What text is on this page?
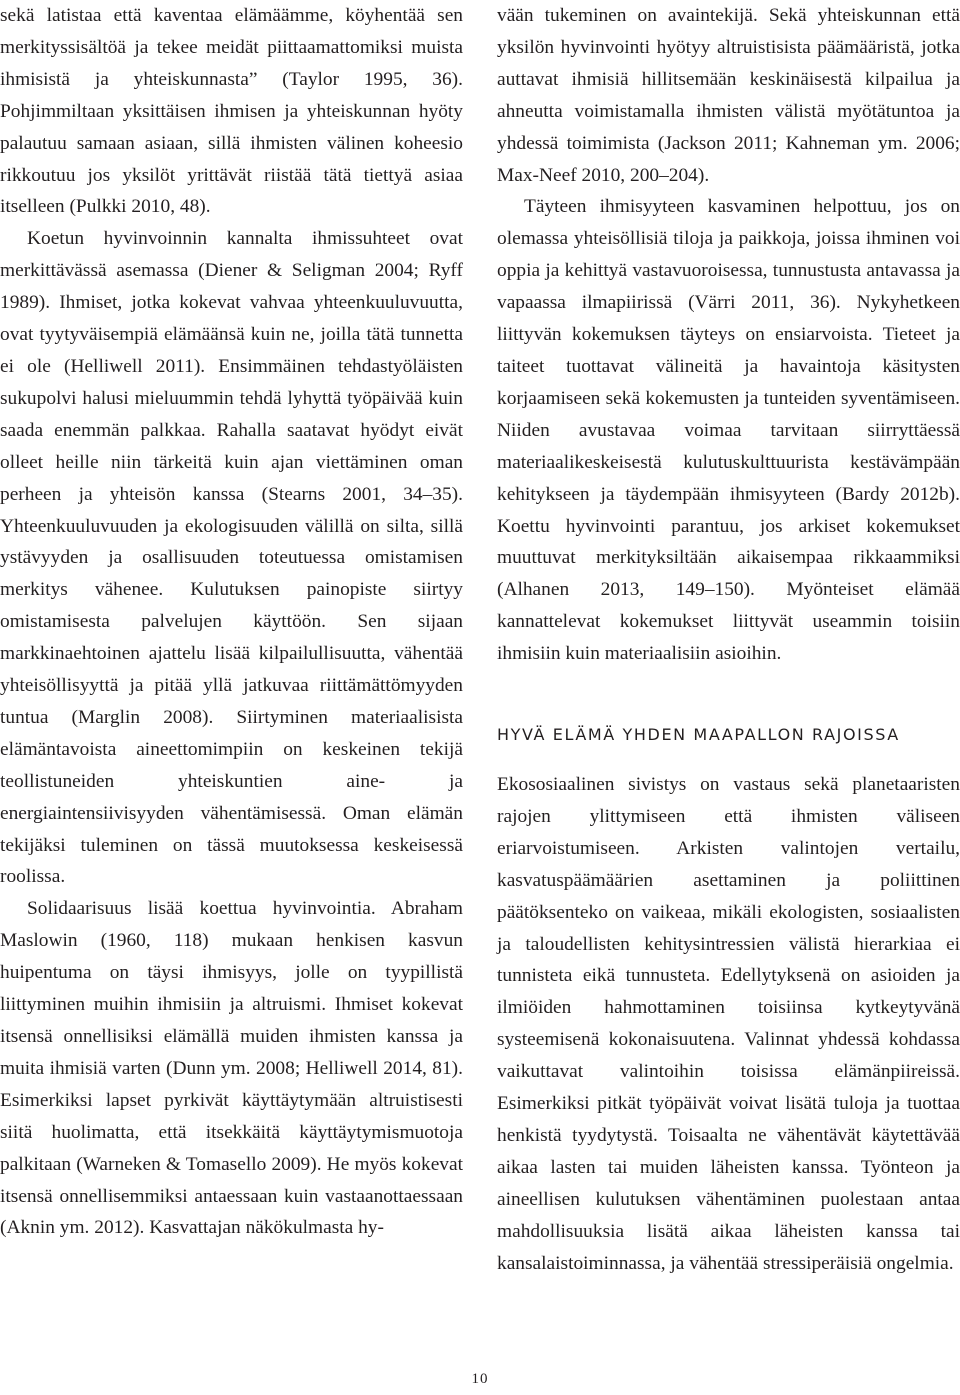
sekä latistaa että kaventaa elämäämme, köyhentää sen merkityssisältöä ja tekee meidät piittaamattomiksi muista ihmisistä ja yhteiskunnasta” (Taylor 1995, 36). Pohjimmiltaan yksittäisen ihmisen ja yhteiskunnan hyöty palautuu samaan asiaan, sillä ihmisten välinen koheesio rikkoutuu jos yksilöt yrittävät riistää tätä tiettyä asiaa itselleen (Pulkki 2010, 48).

Koetun hyvinvoinnin kannalta ihmissuhteet ovat merkittävässä asemassa (Diener & Seligman 2004; Ryff 1989). Ihmiset, jotka kokevat vahvaa yhteenkuuluvuutta, ovat tyytyväisempiä elämäänsä kuin ne, joilla tätä tunnetta ei ole (Helliwell 2011). Ensimmäinen tehdastyöläisten sukupolvi halusi mieluummin tehdä lyhyttä työpäivää kuin saada enemmän palkkaa. Rahalla saatavat hyödyt eivät olleet heille niin tärkeitä kuin ajan viettäminen oman perheen ja yhteisön kanssa (Stearns 2001, 34–35). Yhteenkuuluvuuden ja ekologisuuden välillä on silta, sillä ystävyyden ja osallisuuden toteutuessa omistamisen merkitys vähenee. Kulutuksen painopiste siirtyy omistamisesta palvelujen käyttöön. Sen sijaan markkinaehtoinen ajattelu lisää kilpailullisuutta, vähentää yhteisöllisyyttä ja pitää yllä jatkuvaa riittämättömyyden tuntua (Marglin 2008). Siirtyminen materiaalisista elämäntavoista aineettomimpiin on keskeinen tekijä teollistuneiden yhteiskuntien aine- ja energiaintensiivisyyden vähentämisessä. Oman elämän tekijäksi tuleminen on tässä muutoksessa keskeisessä roolissa.

Solidaarisuus lisää koettua hyvinvointia. Abraham Maslowin (1960, 118) mukaan henkisen kasvun huipentuma on täysi ihmisyys, jolle on tyypillistä liittyminen muihin ihmisiin ja altruismi. Ihmiset kokevat itsensä onnellisiksi elämällä muiden ihmisten kanssa ja muita ihmisiä varten (Dunn ym. 2008; Helliwell 2014, 81). Esimerkiksi lapset pyrkivät käyttäytymään altruistisesti siitä huolimatta, että itsekkäitä käyttäytymismuotoja palkitaan (Warneken & Tomasello 2009). He myös kokevat itsensä onnellisemmiksi antaessaan kuin vastaanottaessaan (Aknin ym. 2012). Kasvattajan näkökulmasta hy-

vään tukeminen on avaintekijä. Sekä yhteiskunnan että yksilön hyvinvointi hyötyy altruistisista päämääristä, jotka auttavat ihmisiä hillitsemään keskinäisestä kilpailua ja ahneutta voimistamalla ihmisten välistä myötätuntoa ja yhdessä toimimista (Jackson 2011; Kahneman ym. 2006; Max-Neef 2010, 200–204).

Täyteen ihmisyyteen kasvaminen helpottuu, jos on olemassa yhteisöllisiä tiloja ja paikkoja, joissa ihminen voi oppia ja kehittyä vastavuoroisessa, tunnustusta antavassa ja vapaassa ilmapiirissä (Värri 2011, 36). Nykyhetkeen liittyvän kokemuksen täyteys on ensiarvoista. Tieteet ja taiteet tuottavat välineitä ja havaintoja käsitysten korjaamiseen sekä kokemusten ja tunteiden syventämiseen. Niiden avustavaa voimaa tarvitaan siirryttäessä materiaalikeskeisestä kulutuskulttuurista kestävämpään kehitykseen ja täydempään ihmisyyteen (Bardy 2012b). Koettu hyvinvointi parantuu, jos arkiset kokemukset muuttuvat merkityksiltään aikaisempaa rikkaammiksi (Alhanen 2013, 149–150). Myönteiset elämää kannattelevat kokemukset liittyvät useammin toisiin ihmisiin kuin materiaalisiin asioihin.

HYVÄ ELÄMÄ YHDEN MAAPALLON RAJOISSA

Ekososiaalinen sivistys on vastaus sekä planetaaristen rajojen ylittymiseen että ihmisten väliseen eriarvoistumiseen. Arkisten valintojen vertailu, kasvatuspäämäärien asettaminen ja poliittinen päätöksenteko on vaikeaa, mikäli ekologisten, sosiaalisten ja taloudellisten kehitysintressien välistä hierarkiaa ei tunnisteta eikä tunnusteta. Edellytyksenä on asioiden ja ilmiöiden hahmottaminen toisiinsa kytkeytyvänä systeemisenä kokonaisuutena. Valinnat yhdessä kohdassa vaikuttavat valintoihin toisissa elämänpiireissä. Esimerkiksi pitkät työpäivät voivat lisätä tuloja ja tuottaa henkistä tyydytystä. Toisaalta ne vähentävät käytettävää aikaa lasten tai muiden läheisten kanssa. Työnteon ja aineellisen kulutuksen vähentäminen puolestaan antaa mahdollisuuksia lisätä aikaa läheisten kanssa tai kansalaistoiminnassa, ja vähentää stressiperäisiä ongelmia.

10
